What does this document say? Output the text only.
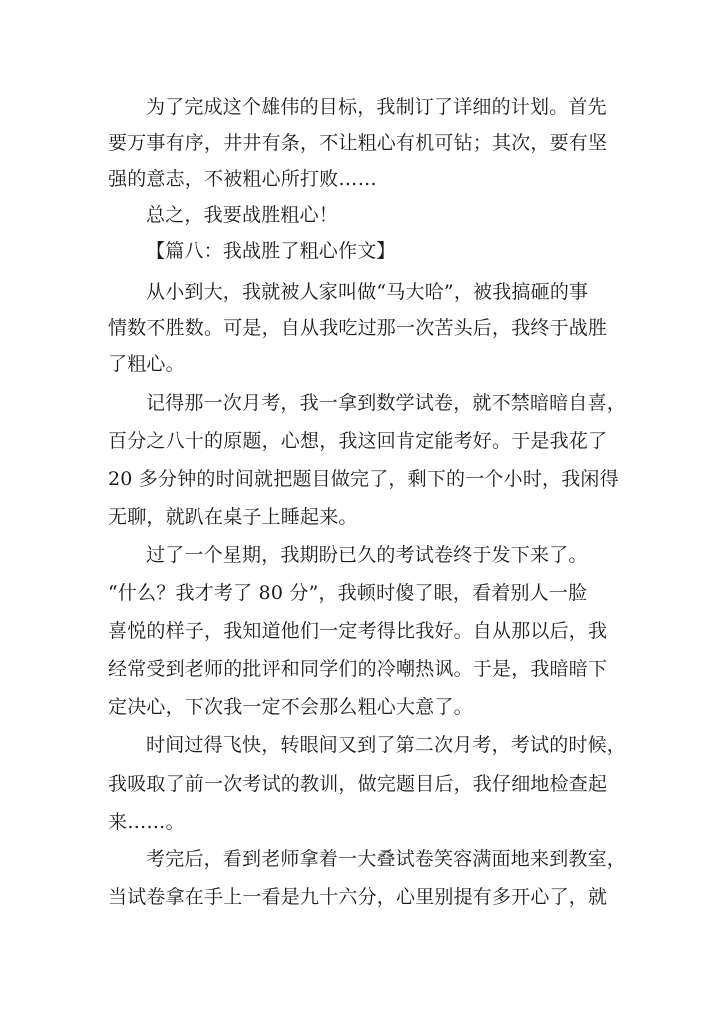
为了完成这个雄伟的目标，我制订了详细的计划。首先
要万事有序，井井有条，不让粗心有机可钻；其次，要有坚
强的意志，不被粗心所打败……
总之，我要战胜粗心！
【篇八：我战胜了粗心作文】
从小到大，我就被人家叫做“马大哈”，被我搞砸的事
情数不胜数。可是，自从我吃过那一次苦头后，我终于战胜
了粗心。
记得那一次月考，我一拿到数学试卷，就不禁暗暗自喜，
百分之八十的原题，心想，我这回肯定能考好。于是我花了
20 多分钟的时间就把题目做完了，剩下的一个小时，我闲得
无聊，就趴在桌子上睡起来。
过了一个星期，我期盼已久的考试卷终于发下来了。
“什么？我才考了 80 分”，我顿时傻了眼，看着别人一脸
喜悦的样子，我知道他们一定考得比我好。自从那以后，我
经常受到老师的批评和同学们的冷嘲热讽。于是，我暗暗下
定决心，下次我一定不会那么粗心大意了。
时间过得飞快，转眼间又到了第二次月考，考试的时候，
我吸取了前一次考试的教训，做完题目后，我仔细地检查起
来……。
考完后，看到老师拿着一大叠试卷笑容满面地来到教室，
当试卷拿在手上一看是九十六分，心里别提有多开心了，就
